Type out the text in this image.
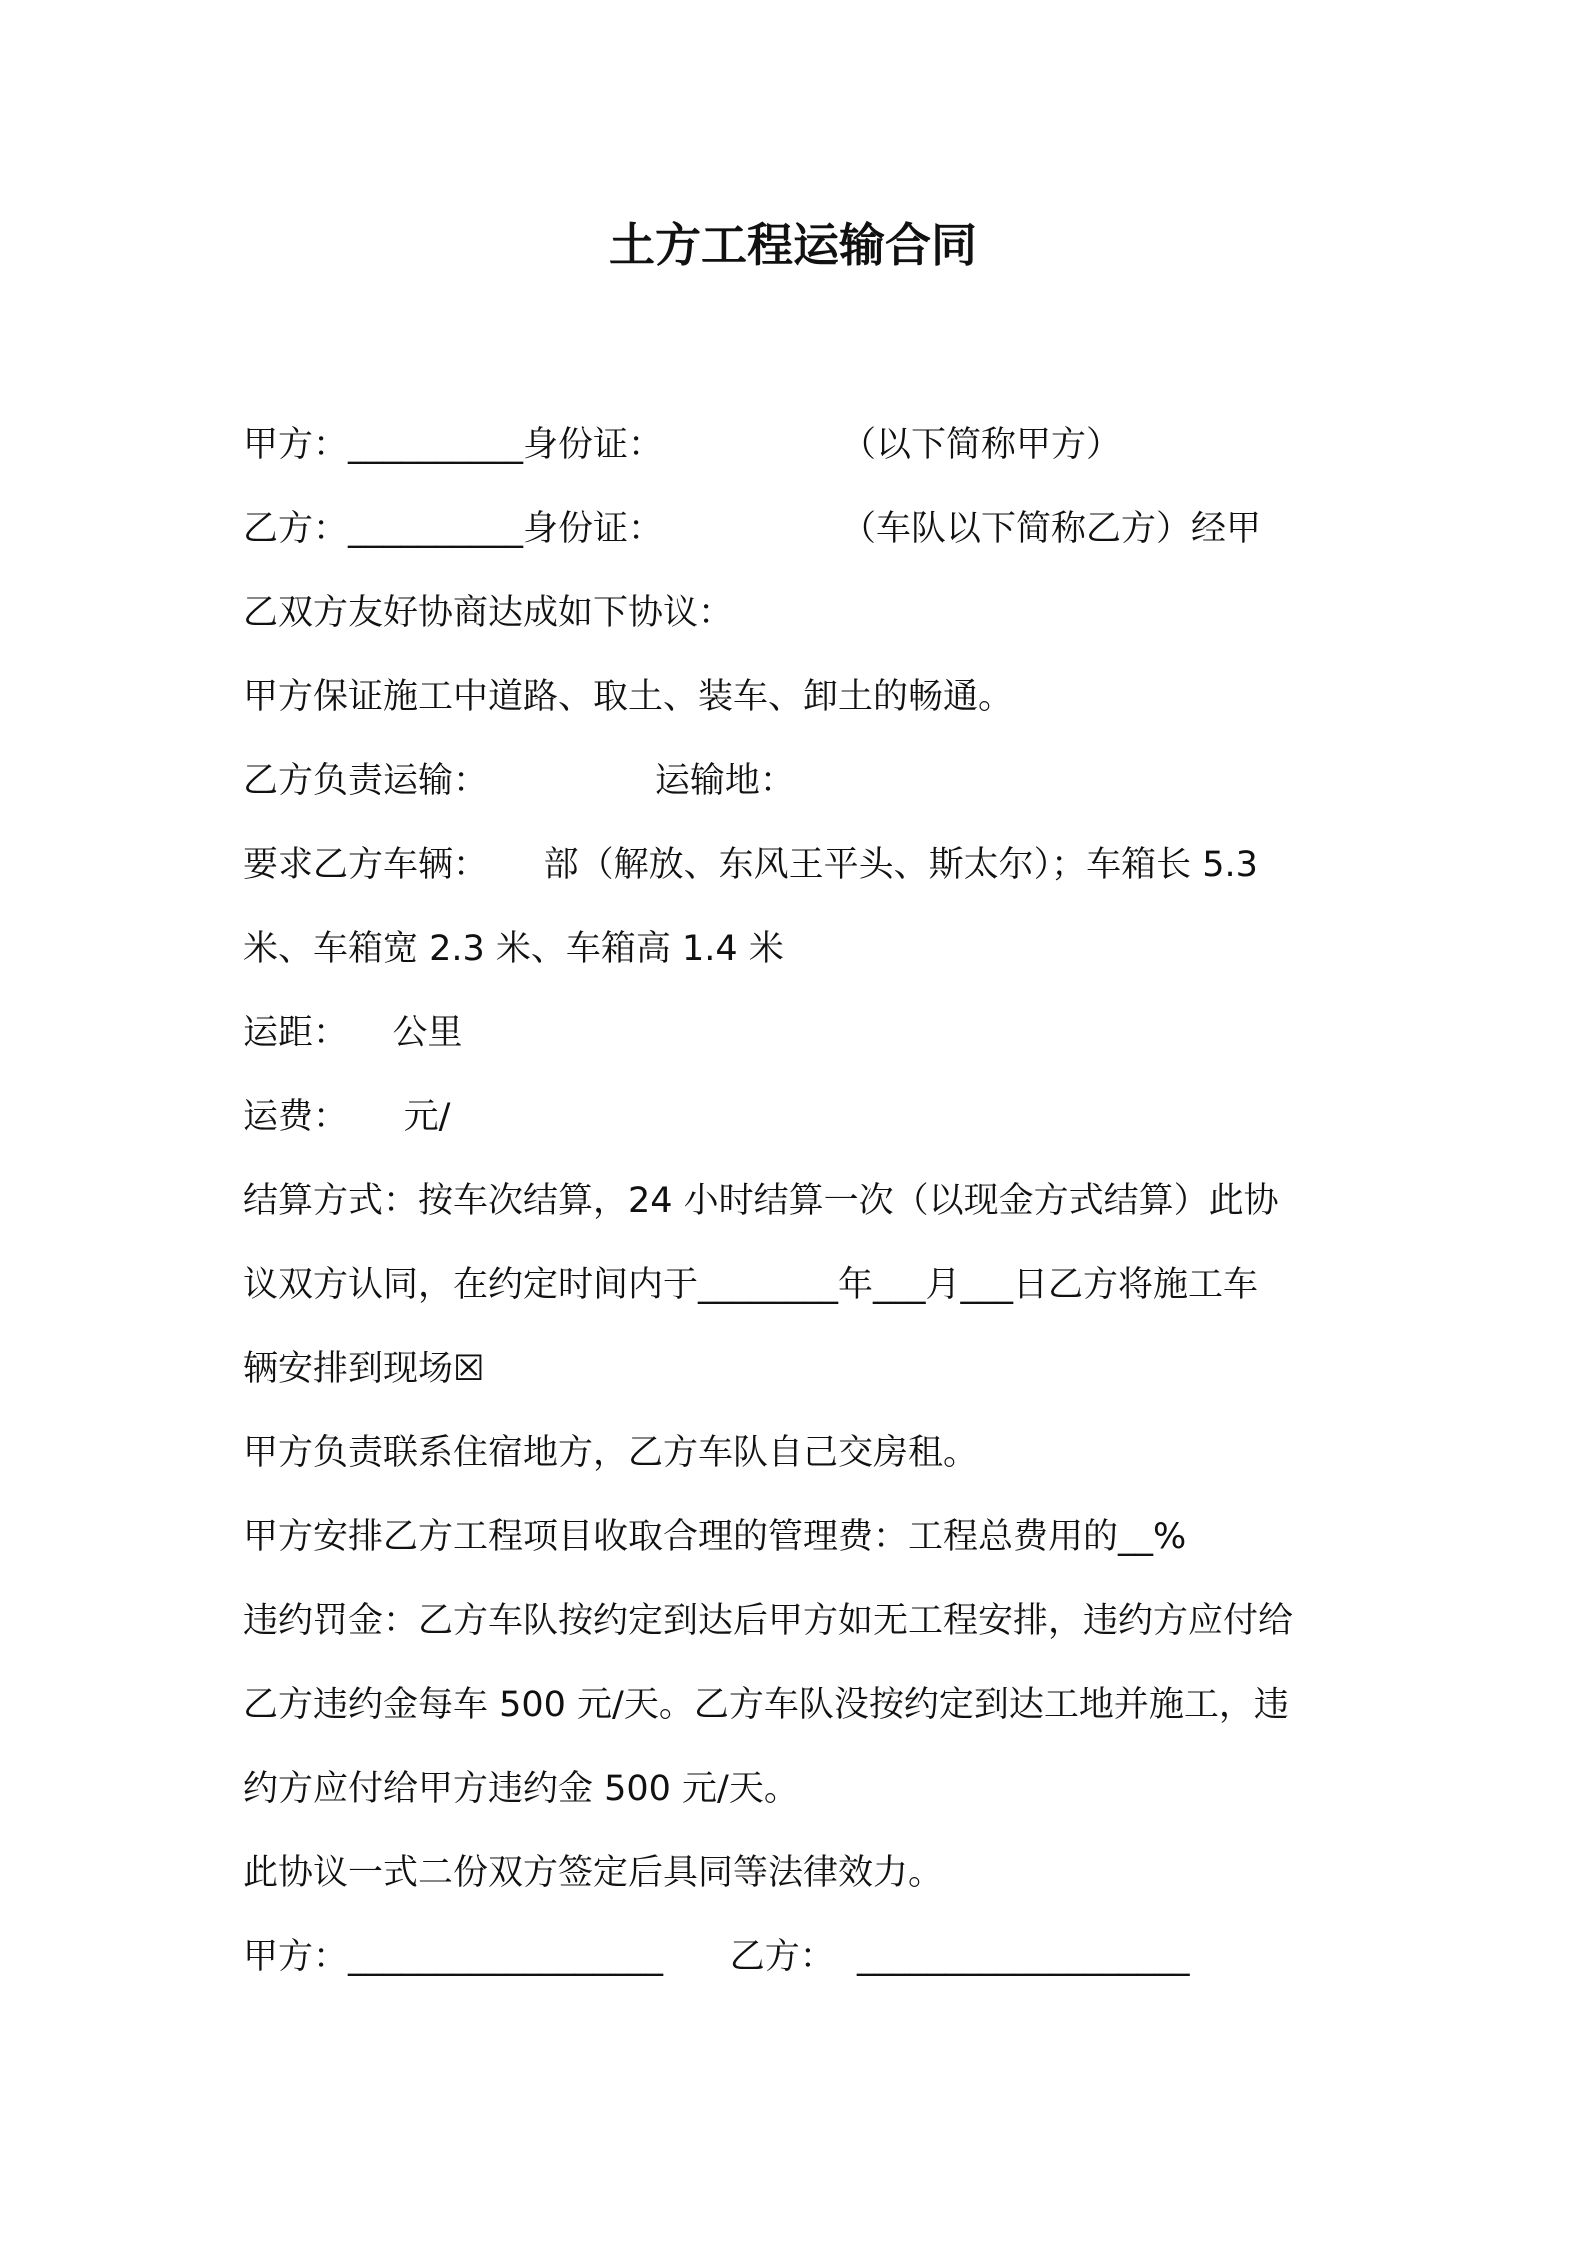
土方工程运输合同
甲方：__________身份证：                （以下简称甲方）
乙方：__________身份证：                （车队以下简称乙方）经甲
乙双方友好协商达成如下协议：
甲方保证施工中道路、取土、装车、卸土的畅通。
乙方负责运输：               运输地：
要求乙方车辆：     部（解放、东风王平头、斯太尔）；车箱长 5.3
米、车箱宽 2.3 米、车箱高 1.4 米
运距：    公里
运费：     元/
结算方式：按车次结算，24 小时结算一次（以现金方式结算）此协
议双方认同，在约定时间内于________年___月___日乙方将施工车
辆安排到现场☒
甲方负责联系住宿地方，乙方车队自己交房租。
甲方安排乙方工程项目收取合理的管理费：工程总费用的__%
违约罚金：乙方车队按约定到达后甲方如无工程安排，违约方应付给
乙方违约金每车 500 元/天。乙方车队没按约定到达工地并施工，违
约方应付给甲方违约金 500 元/天。
此协议一式二份双方签定后具同等法律效力。
甲方：__________________      乙方：  ___________________
